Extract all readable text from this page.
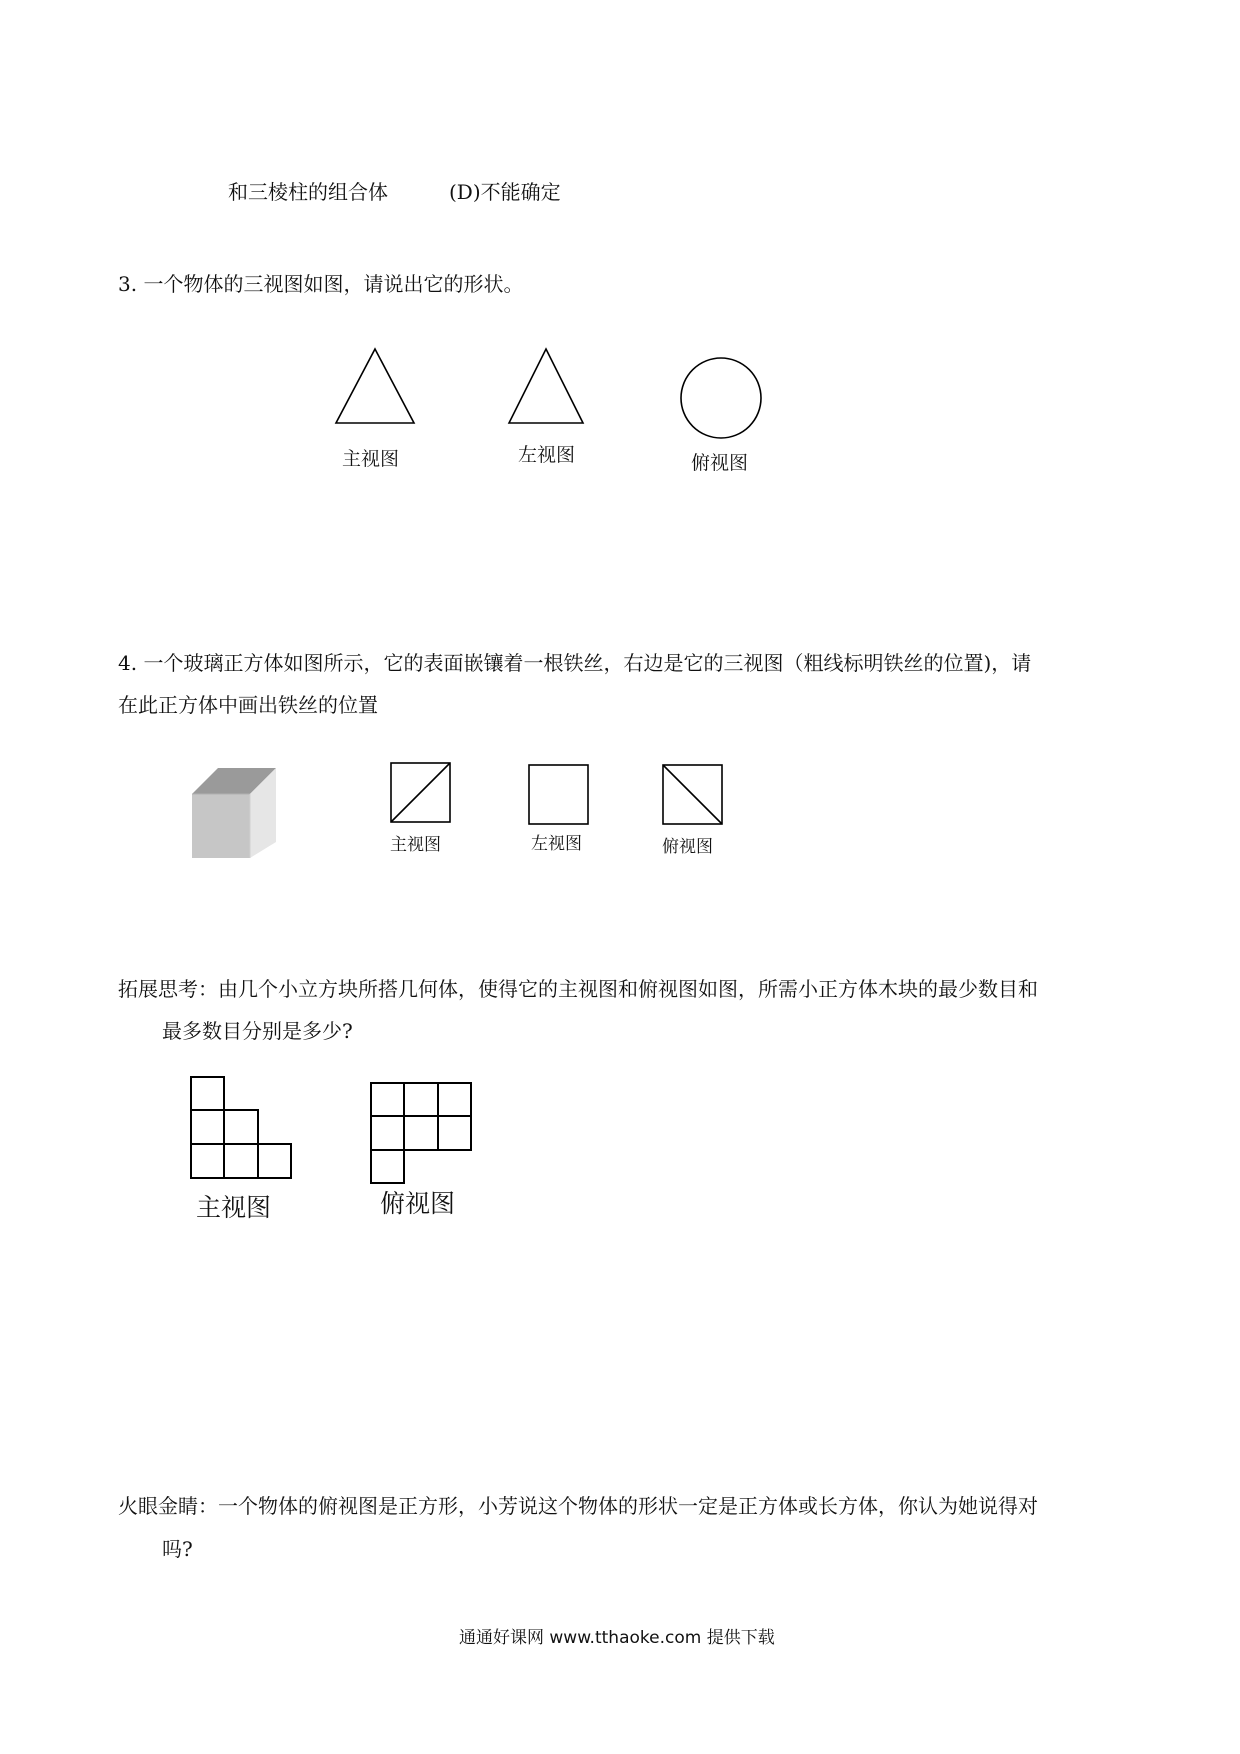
和三棱柱的组合体	(D)不能确定
3. 一个物体的三视图如图，请说出它的形状。
主视图	左视图	俯视图
4. 一个玻璃正方体如图所示，它的表面嵌镶着一根铁丝，右边是它的三视图（粗线标明铁丝的位置)，请
在此正方体中画出铁丝的位置
主视图	左视图	俯视图
拓展思考：由几个小立方块所搭几何体，使得它的主视图和俯视图如图，所需小正方体木块的最少数目和
最多数目分别是多少?
主视图	俯视图
火眼金睛：一个物体的俯视图是正方形，小芳说这个物体的形状一定是正方体或长方体，你认为她说得对
吗?
通通好课网 www.tthaoke.com 提供下载
